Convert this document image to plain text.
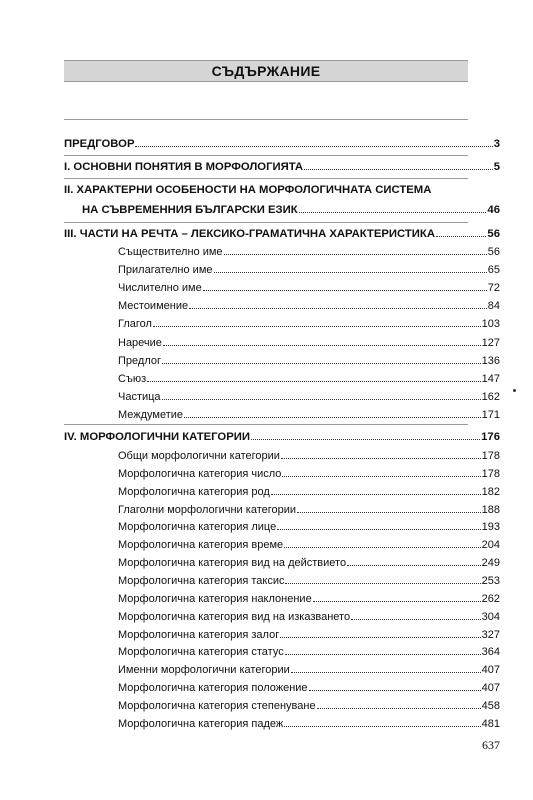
СЪДЪРЖАНИЕ
ПРЕДГОВОР	3
I. ОСНОВНИ ПОНЯТИЯ В МОРФОЛОГИЯТА	5
II. ХАРАКТЕРНИ ОСОБЕНОСТИ НА МОРФОЛОГИЧНАТА СИСТЕМА
НА СЪВРЕМЕННИЯ БЪЛГАРСКИ ЕЗИК	46
III. ЧАСТИ НА РЕЧТА – ЛЕКСИКО-ГРАМАТИЧНА ХАРАКТЕРИСТИКА	56
Съществително име	56
Прилагателно име	65
Числително име	72
Местоимение	84
Глагол	103
Наречие	127
Предлог	136
Съюз	147
Частица	162
Междуметие	171
IV. МОРФОЛОГИЧНИ КАТЕГОРИИ	176
Общи морфологични категории	178
Морфологична категория число	178
Морфологична категория род	182
Глаголни морфологични категории	188
Морфологична категория лице	193
Морфологична категория време	204
Морфологична категория вид на действието	249
Морфологична категория таксис	253
Морфологична категория наклонение	262
Морфологична категория вид на изказването	304
Морфологична категория залог	327
Морфологична категория статус	364
Именни морфологични категории	407
Морфологична категория положение	407
Морфологична категория степенуване	458
Морфологична категория падеж	481
637
